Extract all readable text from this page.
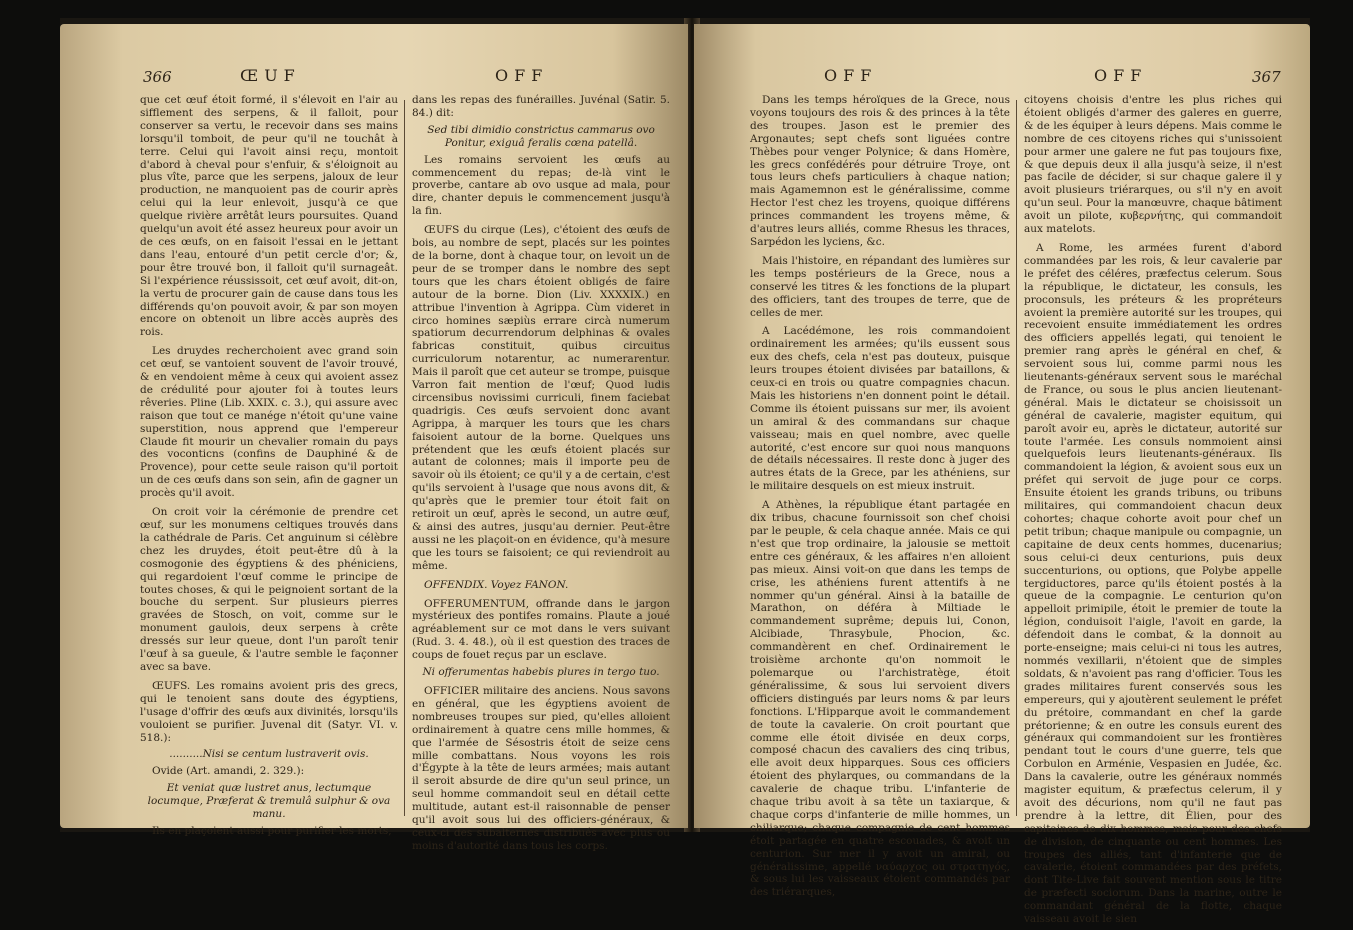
366	ŒUF	OFF

que cet œuf étoit formé, il s'élevoit en l'air au sifflement des serpens, & il falloit, pour conserver sa vertu, le recevoir dans ses mains lorsqu'il tomboit, de peur qu'il ne touchât à terre. Celui qui l'avoit ainsi reçu, montoit d'abord à cheval pour s'enfuir, & s'éloignoit au plus vîte, parce que les serpens, jaloux de leur production, ne manquoient pas de courir après celui qui la leur enlevoit, jusqu'à ce que quelque rivière arrêtât leurs poursuites. Quand quelqu'un avoit été assez heureux pour avoir un de ces œufs, on en faisoit l'essai en le jettant dans l'eau, entouré d'un petit cercle d'or; &, pour être trouvé bon, il falloit qu'il surnageât. Si l'expérience réussissoit, cet œuf avoit, dit-on, la vertu de procurer gain de cause dans tous les différends qu'on pouvoit avoir, & par son moyen encore on obtenoit un libre accès auprès des rois.

Les druydes recherchoient avec grand soin cet œuf, se vantoient souvent de l'avoir trouvé, & en vendoient même à ceux qui avoient assez de crédulité pour ajouter foi à toutes leurs rêveries. Pline (Lib. XXIX. c. 3.), qui assure avec raison que tout ce manége n'étoit qu'une vaine superstition, nous apprend que l'empereur Claude fit mourir un chevalier romain du pays des voconticns (confins de Dauphiné & de Provence), pour cette seule raison qu'il portoit un de ces œufs dans son sein, afin de gagner un procès qu'il avoit.

On croit voir la cérémonie de prendre cet œuf, sur les monumens celtiques trouvés dans la cathédrale de Paris. Cet anguinum si célèbre chez les druydes, étoit peut-être dû à la cosmogonie des égyptiens & des phéniciens, qui regardoient l'œuf comme le principe de toutes choses, & qui le peignoient sortant de la bouche du serpent. Sur plusieurs pierres gravées de Stosch, on voit, comme sur le monument gaulois, deux serpens à crête dressés sur leur queue, dont l'un paroît tenir l'œuf à sa gueule, & l'autre semble le façonner avec sa bave.

ŒUFS. Les romains avoient pris des grecs, qui le tenoient sans doute des égyptiens, l'usage d'offrir des œufs aux divinités, lorsqu'ils vouloient se purifier. Juvenal dit (Satyr. VI. v. 518.):

..........Nisi se centum lustraverit ovis.

Ovide (Art. amandi, 2. 329.):

Et veniat quæ lustret anus, lectumque locumque, Præferat & tremulâ sulphur & ova manu.

Ils en plaçoient aussi pour purifier les morts,

dans les repas des funérailles. Juvénal (Satir. 5. 84.) dit:

Sed tibi dimidio constrictus cammarus ovo Ponitur, exiguâ feralis cœna patellâ.

Les romains servoient les œufs au commencement du repas; de-là vint le proverbe, cantare ab ovo usque ad mala, pour dire, chanter depuis le commencement jusqu'à la fin.

ŒUFS du cirque (Les), c'étoient des œufs de bois, au nombre de sept, placés sur les pointes de la borne, dont à chaque tour, on levoit un de peur de se tromper dans le nombre des sept tours que les chars étoient obligés de faire autour de la borne. Dion (Liv. XXXXIX.) en attribue l'invention à Agrippa. Cùm videret in circo homines sæpiùs errare circà numerum spatiorum decurrendorum delphinas & ovales fabricas constituit, quibus circuitus curriculorum notarentur, ac numerarentur. Mais il paroît que cet auteur se trompe, puisque Varron fait mention de l'œuf; Quod ludis circensibus novissimi curriculi, finem faciebat quadrigis. Ces œufs servoient donc avant Agrippa, à marquer les tours que les chars faisoient autour de la borne. Quelques uns prétendent que les œufs étoient placés sur autant de colonnes; mais il importe peu de savoir où ils étoient; ce qu'il y a de certain, c'est qu'ils servoient à l'usage que nous avons dit, & qu'après que le premier tour étoit fait on retiroit un œuf, après le second, un autre œuf, & ainsi des autres, jusqu'au dernier. Peut-être aussi ne les plaçoit-on en évidence, qu'à mesure que les tours se faisoient; ce qui reviendroit au même.

OFFENDIX. Voyez FANON.

OFFERUMENTUM, offrande dans le jargon mystérieux des pontifes romains. Plaute a joué agréablement sur ce mot dans le vers suivant (Rud. 3. 4. 48.), où il est question des traces de coups de fouet reçus par un esclave.

Ni offerumentas habebis plures in tergo tuo.

OFFICIER militaire des anciens. Nous savons en général, que les égyptiens avoient de nombreuses troupes sur pied, qu'elles alloient ordinairement à quatre cens mille hommes, & que l'armée de Sésostris étoit de seize cens mille combattans. Nous voyons les rois d'Égypte à la tête de leurs armées; mais autant il seroit absurde de dire qu'un seul prince, un seul homme commandoit seul en détail cette multitude, autant est-il raisonnable de penser qu'il avoit sous lui des officiers-généraux, & ceux-ci des subalternes distribués avec plus ou moins d'autorité dans tous les corps.

OFF	OFF	367

Dans les temps héroïques de la Grece, nous voyons toujours des rois & des princes à la tête des troupes. Jason est le premier des Argonautes; sept chefs sont liguées contre Thèbes pour venger Polynice; & dans Homère, les grecs confédérés pour détruire Troye, ont tous leurs chefs particuliers à chaque nation; mais Agamemnon est le généralissime, comme Hector l'est chez les troyens, quoique différens princes commandent les troyens même, & d'autres leurs alliés, comme Rhesus les thraces, Sarpédon les lyciens, &c.

Mais l'histoire, en répandant des lumières sur les temps postérieurs de la Grece, nous a conservé les titres & les fonctions de la plupart des officiers, tant des troupes de terre, que de celles de mer.

A Lacédémone, les rois commandoient ordinairement les armées; qu'ils eussent sous eux des chefs, cela n'est pas douteux, puisque leurs troupes étoient divisées par bataillons, & ceux-ci en trois ou quatre compagnies chacun. Mais les historiens n'en donnent point le détail. Comme ils étoient puissans sur mer, ils avoient un amiral & des commandans sur chaque vaisseau; mais en quel nombre, avec quelle autorité, c'est encore sur quoi nous manquons de détails nécessaires. Il reste donc à juger des autres états de la Grece, par les athéniens, sur le militaire desquels on est mieux instruit.

A Athènes, la république étant partagée en dix tribus, chacune fournissoit son chef choisi par le peuple, & cela chaque année. Mais ce qui n'est que trop ordinaire, la jalousie se mettoit entre ces généraux, & les affaires n'en alloient pas mieux. Ainsi voit-on que dans les temps de crise, les athéniens furent attentifs à ne nommer qu'un général. Ainsi à la bataille de Marathon, on déféra à Miltiade le commandement suprême; depuis lui, Conon, Alcibiade, Thrasybule, Phocion, &c. commandèrent en chef. Ordinairement le troisième archonte qu'on nommoit le polemarque ou l'archistratège, étoit généralissime, & sous lui servoient divers officiers distingués par leurs noms & par leurs fonctions. L'Hipparque avoit le commandement de toute la cavalerie. On croit pourtant que comme elle étoit divisée en deux corps, composé chacun des cavaliers des cinq tribus, elle avoit deux hipparques. Sous ces officiers étoient des phylarques, ou commandans de la cavalerie de chaque tribu. L'infanterie de chaque tribu avoit à sa tête un taxiarque, & chaque corps d'infanterie de mille hommes, un chiliarque; chaque compagnie de cent hommes étoit partagée en quatre escouades, & avoit un centurion. Sur mer il y avoit un amiral, ou généralissime, appellé ναύαρχος ou στρατηγός, & sous lui les vaisseaux étoient commandés par des triérarques,

citoyens choisis d'entre les plus riches qui étoient obligés d'armer des galeres en guerre, & de les équiper à leurs dépens. Mais comme le nombre de ces citoyens riches qui s'unissoient pour armer une galere ne fut pas toujours fixe, & que depuis deux il alla jusqu'à seize, il n'est pas facile de décider, si sur chaque galere il y avoit plusieurs triérarques, ou s'il n'y en avoit qu'un seul. Pour la manœuvre, chaque bâtiment avoit un pilote, κυβερνήτης, qui commandoit aux matelots.

A Rome, les armées furent d'abord commandées par les rois, & leur cavalerie par le préfet des céléres, præfectus celerum. Sous la république, le dictateur, les consuls, les proconsuls, les préteurs & les propréteurs avoient la première autorité sur les troupes, qui recevoient ensuite immédiatement les ordres des officiers appellés legati, qui tenoient le premier rang après le général en chef, & servoient sous lui, comme parmi nous les lieutenants-généraux servent sous le maréchal de France, ou sous le plus ancien lieutenant-général. Mais le dictateur se choisissoit un général de cavalerie, magister equitum, qui paroît avoir eu, après le dictateur, autorité sur toute l'armée. Les consuls nommoient ainsi quelquefois leurs lieutenants-généraux. Ils commandoient la légion, & avoient sous eux un préfet qui servoit de juge pour ce corps. Ensuite étoient les grands tribuns, ou tribuns militaires, qui commandoient chacun deux cohortes; chaque cohorte avoit pour chef un petit tribun; chaque manipule ou compagnie, un capitaine de deux cents hommes, ducenarius; sous celui-ci deux centurions, puis deux succenturions, ou options, que Polybe appelle tergiductores, parce qu'ils étoient postés à la queue de la compagnie. Le centurion qu'on appelloit primipile, étoit le premier de toute la légion, conduisoit l'aigle, l'avoit en garde, la défendoit dans le combat, & la donnoit au porte-enseigne; mais celui-ci ni tous les autres, nommés vexillarii, n'étoient que de simples soldats, & n'avoient pas rang d'officier. Tous les grades militaires furent conservés sous les empereurs, qui y ajoutèrent seulement le préfet du prétoire, commandant en chef la garde prétorienne; & en outre les consuls eurent des généraux qui commandoient sur les frontières pendant tout le cours d'une guerre, tels que Corbulon en Arménie, Vespasien en Judée, &c. Dans la cavalerie, outre les généraux nommés magister equitum, & præfectus celerum, il y avoit des décurions, nom qu'il ne faut pas prendre à la lettre, dit Élien, pour des capitaines de dix hommes, mais pour des chefs de division, de cinquante ou cent hommes. Les troupes des alliés, tant d'infanterie que de cavalerie, étoient commandées par des préfets, dont Tite-Live fait souvent mention sous le titre de præfecti sociorum. Dans la marine, outre le commandant général de la flotte, chaque vaisseau avoit le sien
